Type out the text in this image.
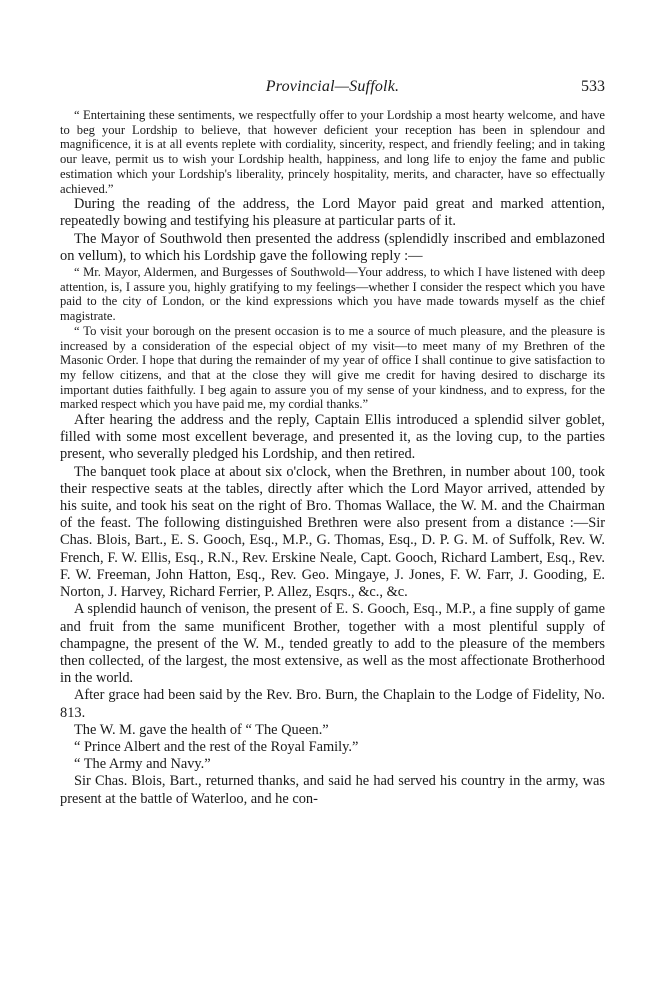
Provincial—Suffolk.	533

“ Entertaining these sentiments, we respectfully offer to your Lordship a most hearty welcome, and have to beg your Lordship to believe, that however deficient your reception has been in splendour and magnificence, it is at all events replete with cordiality, sincerity, respect, and friendly feeling; and in taking our leave, permit us to wish your Lordship health, happiness, and long life to enjoy the fame and public estimation which your Lordship's liberality, princely hospitality, merits, and character, have so effectually achieved.”

During the reading of the address, the Lord Mayor paid great and marked attention, repeatedly bowing and testifying his pleasure at particular parts of it.

The Mayor of Southwold then presented the address (splendidly inscribed and emblazoned on vellum), to which his Lordship gave the following reply :—

“ Mr. Mayor, Aldermen, and Burgesses of Southwold—Your address, to which I have listened with deep attention, is, I assure you, highly gratifying to my feelings—whether I consider the respect which you have paid to the city of London, or the kind expressions which you have made towards myself as the chief magistrate.

“ To visit your borough on the present occasion is to me a source of much pleasure, and the pleasure is increased by a consideration of the especial object of my visit—to meet many of my Brethren of the Masonic Order. I hope that during the remainder of my year of office I shall continue to give satisfaction to my fellow citizens, and that at the close they will give me credit for having desired to discharge its important duties faithfully. I beg again to assure you of my sense of your kindness, and to express, for the marked respect which you have paid me, my cordial thanks.”

After hearing the address and the reply, Captain Ellis introduced a splendid silver goblet, filled with some most excellent beverage, and presented it, as the loving cup, to the parties present, who severally pledged his Lordship, and then retired.

The banquet took place at about six o'clock, when the Brethren, in number about 100, took their respective seats at the tables, directly after which the Lord Mayor arrived, attended by his suite, and took his seat on the right of Bro. Thomas Wallace, the W. M. and the Chairman of the feast. The following distinguished Brethren were also present from a distance :—Sir Chas. Blois, Bart., E. S. Gooch, Esq., M.P., G. Thomas, Esq., D. P. G. M. of Suffolk, Rev. W. French, F. W. Ellis, Esq., R.N., Rev. Erskine Neale, Capt. Gooch, Richard Lambert, Esq., Rev. F. W. Freeman, John Hatton, Esq., Rev. Geo. Mingaye, J. Jones, F. W. Farr, J. Gooding, E. Norton, J. Harvey, Richard Ferrier, P. Allez, Esqrs., &c., &c.

A splendid haunch of venison, the present of E. S. Gooch, Esq., M.P., a fine supply of game and fruit from the same munificent Brother, together with a most plentiful supply of champagne, the present of the W. M., tended greatly to add to the pleasure of the members then collected, of the largest, the most extensive, as well as the most affectionate Brotherhood in the world.

After grace had been said by the Rev. Bro. Burn, the Chaplain to the Lodge of Fidelity, No. 813.

The W. M. gave the health of “ The Queen.”

“ Prince Albert and the rest of the Royal Family.”

“ The Army and Navy.”

Sir Chas. Blois, Bart., returned thanks, and said he had served his country in the army, was present at the battle of Waterloo, and he con-
